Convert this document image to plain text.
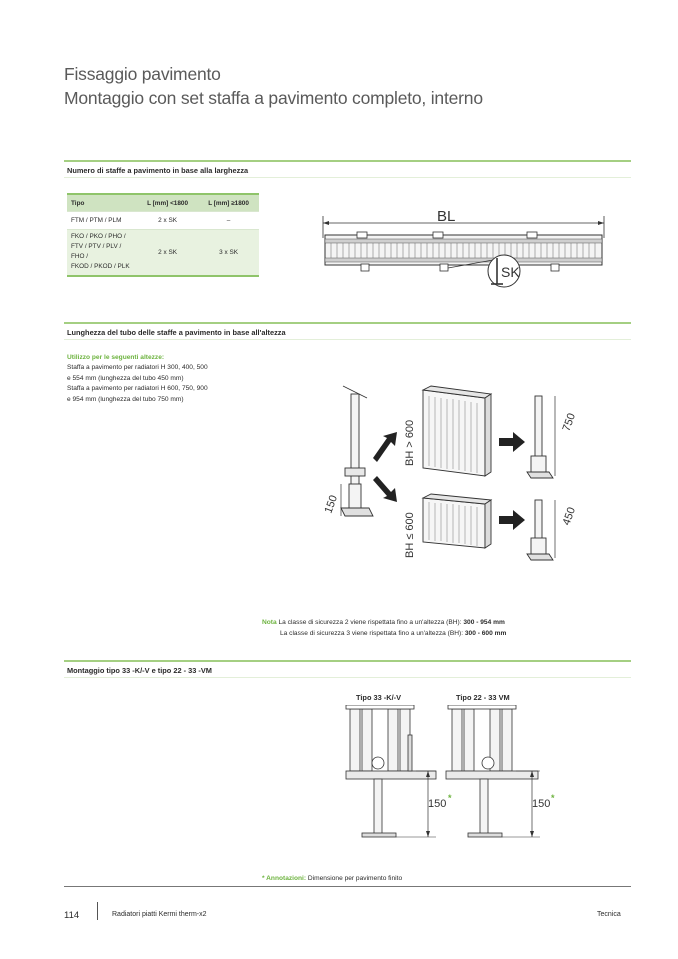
Fissaggio pavimento
Montaggio con set staffa a pavimento completo, interno
Numero di staffe a pavimento in base alla larghezza
Tipo	L [mm] <1800	L [mm] ≥1800
FTM / PTM / PLM	2 x SK	–

FKO / PKO / PHO /
FTV / PTV / PLV / FHO /
FKOD / PKOD / PLK	2 x SK	3 x SK
BL
SK
Lunghezza del tubo delle staffe a pavimento in base all'altezza
Utilizzo per le seguenti altezze:
Staffa a pavimento per radiatori H 300, 400, 500
e 554 mm (lunghezza del tubo 450 mm)
Staffa a pavimento per radiatori H 600, 750, 900
e 954 mm (lunghezza del tubo 750 mm)
150
BH > 600
BH ≤ 600
750
450
Nota La classe di sicurezza 2 viene rispettata fino a un'altezza (BH): 300 - 954 mm
La classe di sicurezza 3 viene rispettata fino a un'altezza (BH): 300 - 600 mm
Montaggio tipo 33 -K/-V e tipo 22 - 33 -VM
Tipo 33 -K/-V	Tipo 22 - 33 VM
150 *	150 *
* Annotazioni: Dimensione per pavimento finito
114	Radiatori piatti Kermi therm-x2	Tecnica
